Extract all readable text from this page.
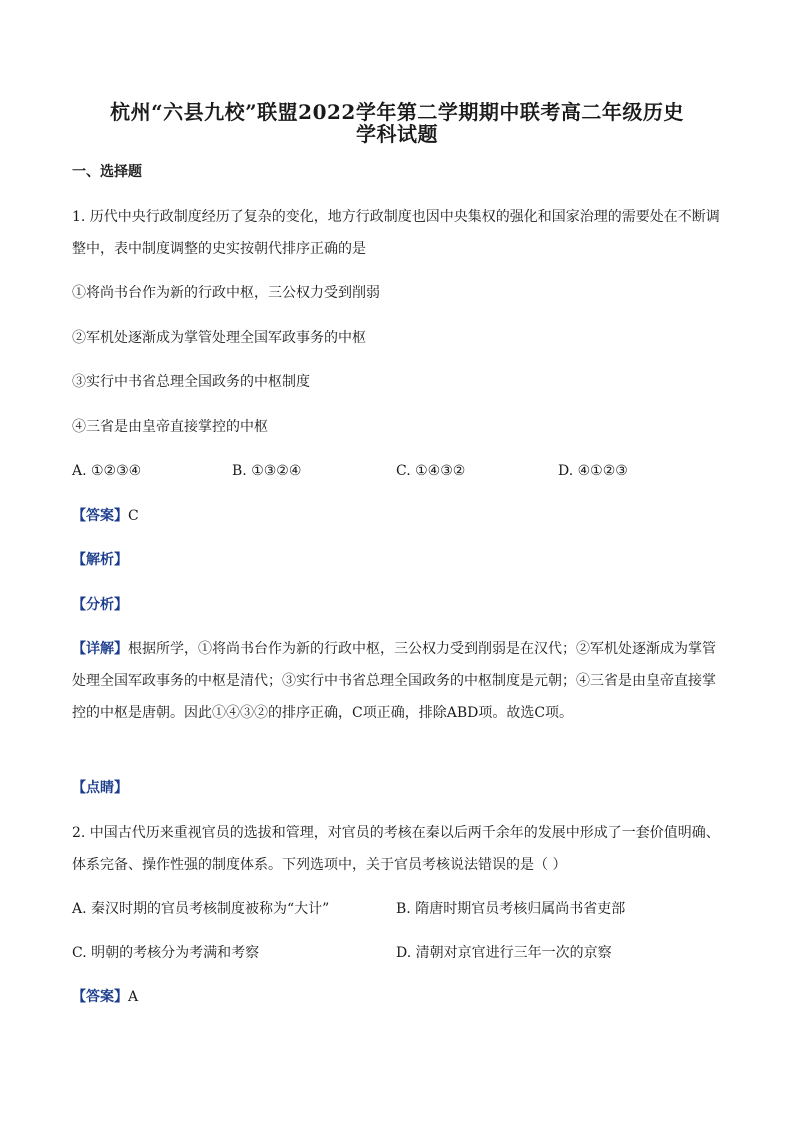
杭州“六县九校”联盟2022学年第二学期期中联考高二年级历史
学科试题
一、选择题
1. 历代中央行政制度经历了复杂的变化，地方行政制度也因中央集权的强化和国家治理的需要处在不断调
整中，表中制度调整的史实按朝代排序正确的是
①将尚书台作为新的行政中枢，三公权力受到削弱
②军机处逐渐成为掌管处理全国军政事务的中枢
③实行中书省总理全国政务的中枢制度
④三省是由皇帝直接掌控的中枢
A. ①②③④	B. ①③②④	C. ①④③②	D. ④①②③
【答案】C
【解析】
【分析】
【详解】根据所学，①将尚书台作为新的行政中枢，三公权力受到削弱是在汉代；②军机处逐渐成为掌管
处理全国军政事务的中枢是清代；③实行中书省总理全国政务的中枢制度是元朝；④三省是由皇帝直接掌
控的中枢是唐朝。因此①④③②的排序正确，C项正确，排除ABD项。故选C项。
【点睛】
2. 中国古代历来重视官员的选拔和管理，对官员的考核在秦以后两千余年的发展中形成了一套价值明确、
体系完备、操作性强的制度体系。下列选项中，关于官员考核说法错误的是（ ）
A. 秦汉时期的官员考核制度被称为“大计”	B. 隋唐时期官员考核归属尚书省吏部
C. 明朝的考核分为考满和考察	D. 清朝对京官进行三年一次的京察
【答案】A
